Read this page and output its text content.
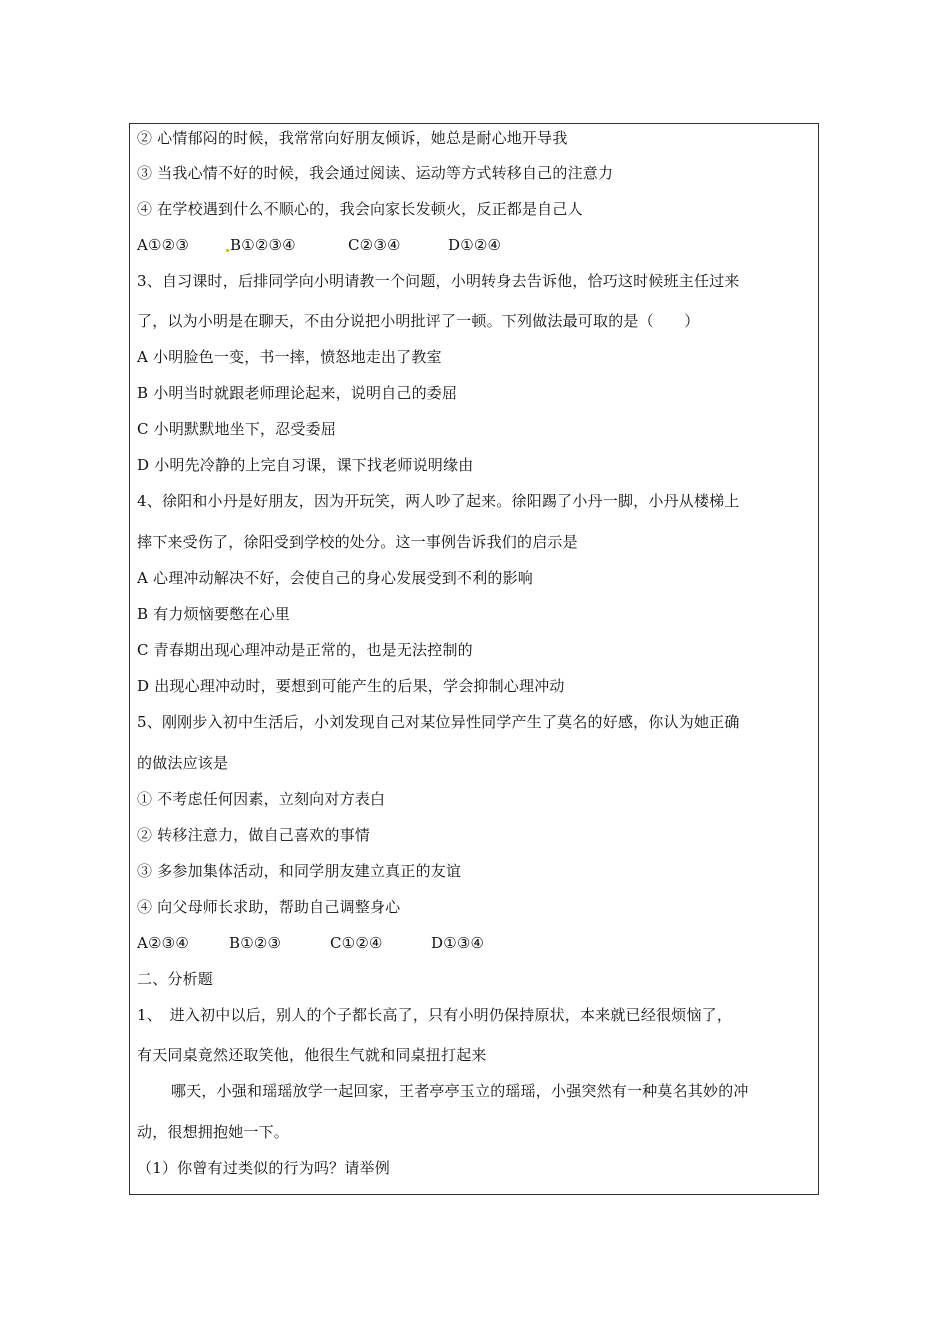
② 心情郁闷的时候，我常常向好朋友倾诉，她总是耐心地开导我
③ 当我心情不好的时候，我会通过阅读、运动等方式转移自己的注意力
④ 在学校遇到什么不顺心的，我会向家长发顿火，反正都是自己人
A①②③	B①②③④	C②③④	D①②④
3、自习课时，后排同学向小明请教一个问题，小明转身去告诉他，恰巧这时候班主任过来
了，以为小明是在聊天，不由分说把小明批评了一顿。下列做法最可取的是（　　）
A 小明脸色一变，书一摔，愤怒地走出了教室
B 小明当时就跟老师理论起来，说明自己的委屈
C 小明默默地坐下，忍受委屈
D 小明先冷静的上完自习课，课下找老师说明缘由
4、徐阳和小丹是好朋友，因为开玩笑，两人吵了起来。徐阳踢了小丹一脚，小丹从楼梯上
摔下来受伤了，徐阳受到学校的处分。这一事例告诉我们的启示是
A 心理冲动解决不好，会使自己的身心发展受到不利的影响
B 有力烦恼要憋在心里
C 青春期出现心理冲动是正常的，也是无法控制的
D 出现心理冲动时，要想到可能产生的后果，学会抑制心理冲动
5、刚刚步入初中生活后，小刘发现自己对某位异性同学产生了莫名的好感，你认为她正确
的做法应该是
① 不考虑任何因素，立刻向对方表白
② 转移注意力，做自己喜欢的事情
③ 多参加集体活动，和同学朋友建立真正的友谊
④ 向父母师长求助，帮助自己调整身心
A②③④	B①②③	C①②④	D①③④
二、分析题
1、　进入初中以后，别人的个子都长高了，只有小明仍保持原状，本来就已经很烦恼了，
有天同桌竟然还取笑他，他很生气就和同桌扭打起来
哪天，小强和瑶瑶放学一起回家，王者亭亭玉立的瑶瑶，小强突然有一种莫名其妙的冲
动，很想拥抱她一下。
（1）你曾有过类似的行为吗？请举例
